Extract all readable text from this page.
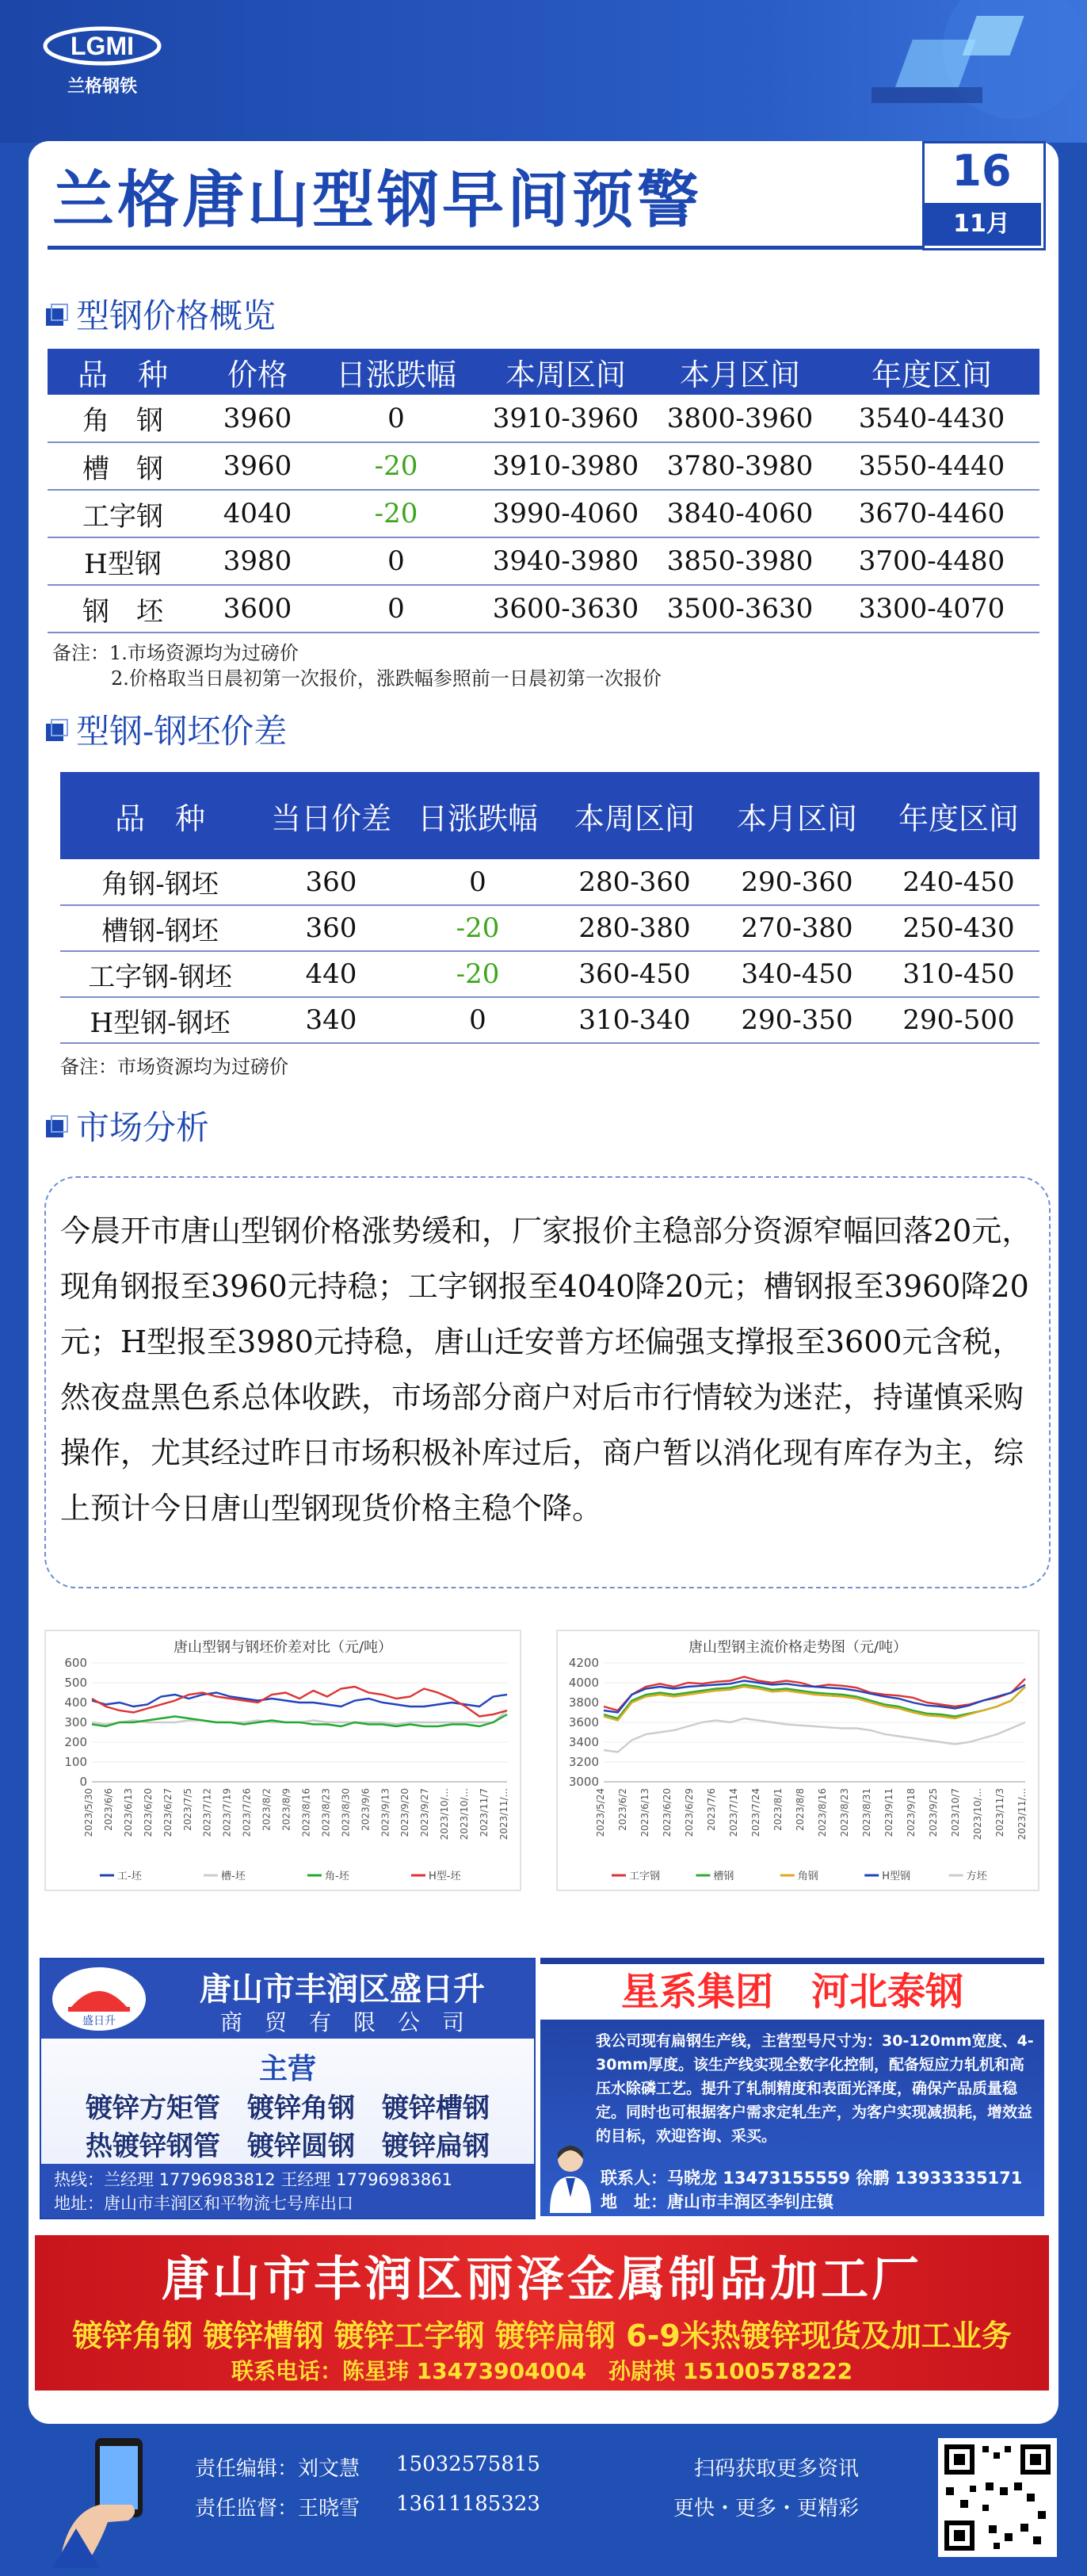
LGMI
兰格钢铁
兰格唐山型钢早间预警	16
11月
型钢价格概览
品　种	价格	日涨跌幅	本周区间	本月区间	年度区间
角　钢	3960	0	3910-3960	3800-3960	3540-4430
槽　钢	3960	-20	3910-3980	3780-3980	3550-4440
工字钢	4040	-20	3990-4060	3840-4060	3670-4460
H型钢	3980	0	3940-3980	3850-3980	3700-4480
钢　坯	3600	0	3600-3630	3500-3630	3300-4070
备注：1.市场资源均为过磅价
2.价格取当日晨初第一次报价，涨跌幅参照前一日晨初第一次报价
型钢-钢坯价差
品　种	当日价差	日涨跌幅	本周区间	本月区间	年度区间
角钢-钢坯	360	0	280-360	290-360	240-450
槽钢-钢坯	360	-20	280-380	270-380	250-430
工字钢-钢坯	440	-20	360-450	340-450	310-450
H型钢-钢坯	340	0	310-340	290-350	290-500
备注：市场资源均为过磅价
市场分析
今晨开市唐山型钢价格涨势缓和，厂家报价主稳部分资源窄幅回落20元，现角钢报至3960元持稳；工字钢报至4040降20元；槽钢报至3960降20元；H型报至3980元持稳，唐山迁安普方坯偏强支撑报至3600元含税，然夜盘黑色系总体收跌，市场部分商户对后市行情较为迷茫，持谨慎采购操作，尤其经过昨日市场积极补库过后，商户暂以消化现有库存为主，综上预计今日唐山型钢现货价格主稳个降。
唐山型钢与钢坯价差对比（元/吨）
0
100
200
300
400
500
600
2023/5/30 2023/6/6 2023/6/13 2023/6/20 2023/6/27 2023/7/5 2023/7/12 2023/7/19 2023/7/26 2023/8/2 2023/8/9 2023/8/16 2023/8/23 2023/8/30 2023/9/6 2023/9/13 2023/9/20 2023/9/27 2023/10/... 2023/10/... 2023/11/7 2023/11/...
工-坯	槽-坯	角-坯	H型-坯
唐山型钢主流价格走势图（元/吨）
3000
3200
3400
3600
3800
4000
4200
2023/5/24 2023/6/2 2023/6/13 2023/6/20 2023/6/29 2023/7/6 2023/7/14 2023/7/24 2023/8/1 2023/8/8 2023/8/16 2023/8/23 2023/8/31 2023/9/11 2023/9/18 2023/9/25 2023/10/7 2023/10/... 2023/11/3 2023/11/...
工字钢	槽钢	角钢	H型钢	方坯
盛日升
唐山市丰润区盛日升
商　贸　有　限　公　司
主营
镀锌方矩管　镀锌角钢　镀锌槽钢
热镀锌钢管　镀锌圆钢　镀锌扁钢
热线：兰经理 17796983812 王经理 17796983861
地址：唐山市丰润区和平物流七号库出口
星系集团　河北泰钢
我公司现有扁钢生产线，主营型号尺寸为：30-120mm宽度、4-30mm厚度。该生产线实现全数字化控制，配备短应力轧机和高压水除磷工艺。提升了轧制精度和表面光泽度，确保产品质量稳定。同时也可根据客户需求定轧生产，为客户实现减损耗，增效益的目标，欢迎咨询、采买。
联系人：马晓龙 13473155559 徐鹏 13933335171
地　址：唐山市丰润区李钊庄镇
唐山市丰润区丽泽金属制品加工厂
镀锌角钢 镀锌槽钢 镀锌工字钢 镀锌扁钢 6-9米热镀锌现货及加工业务
联系电话：陈星玮 13473904004　孙尉祺 15100578222
责任编辑：刘文慧 15032575815
责任监督：王晓雪 13611185323
扫码获取更多资讯
更快・更多・更精彩
